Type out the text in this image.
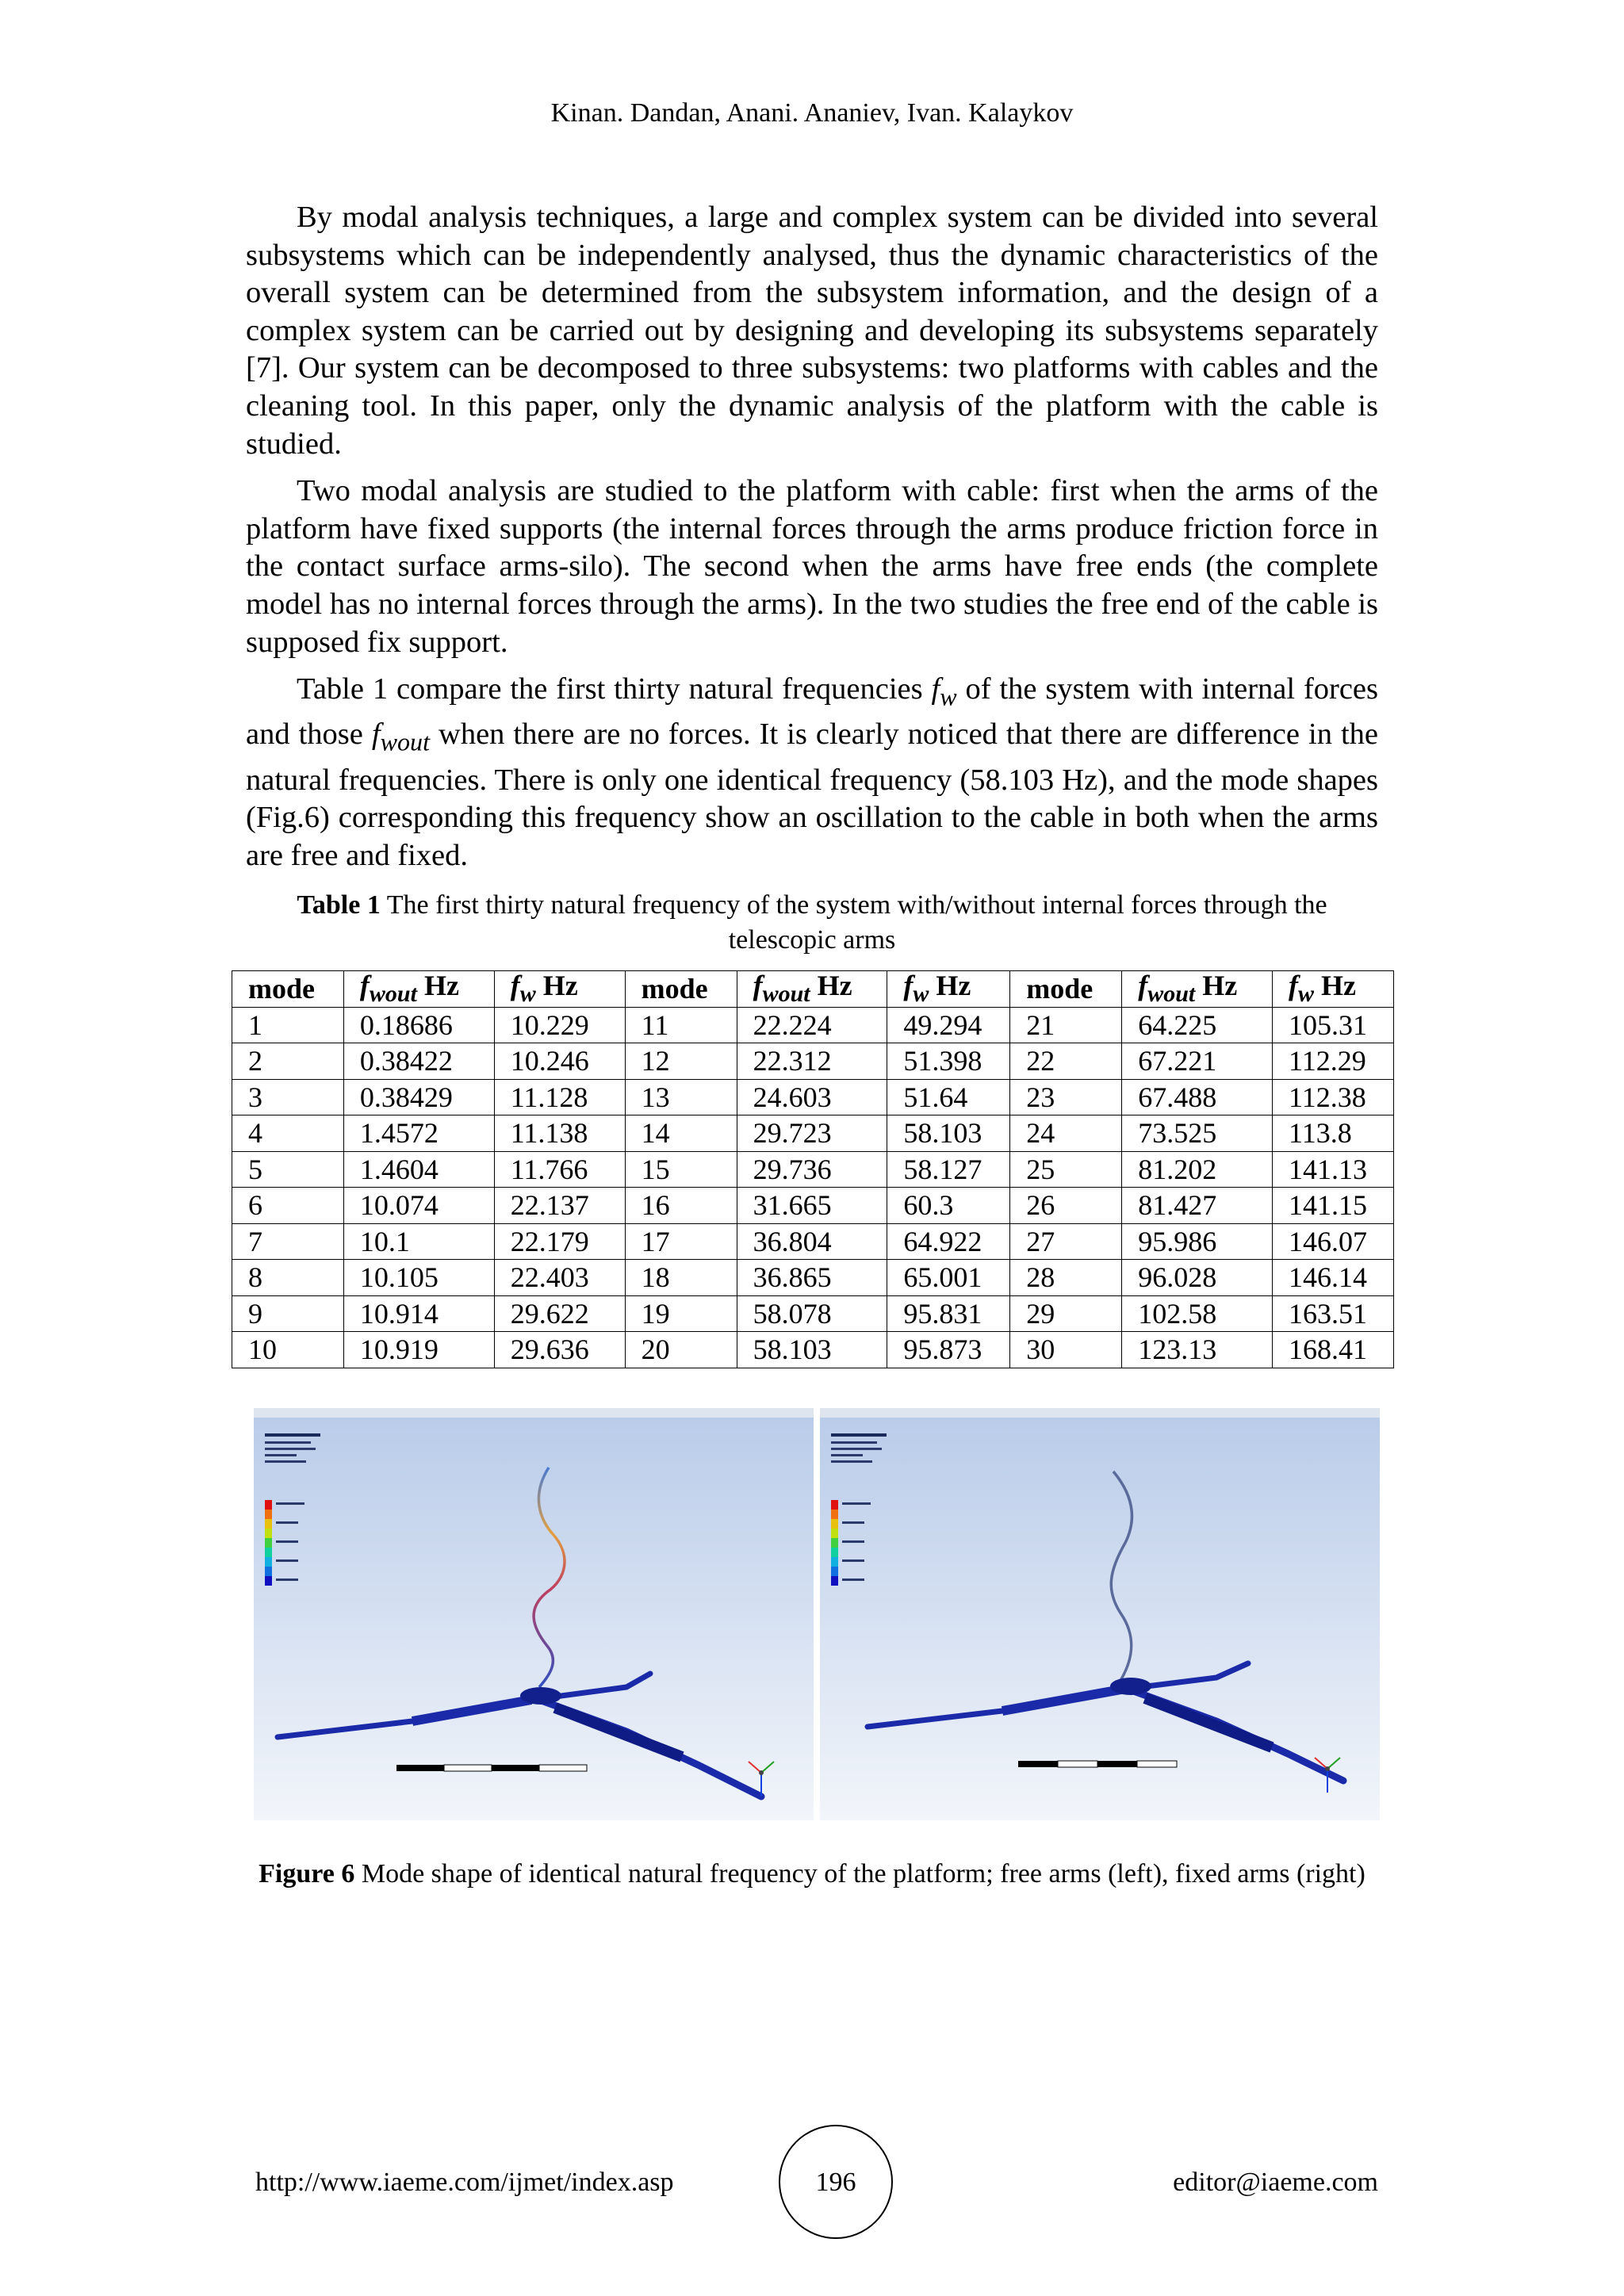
Kinan. Dandan, Anani. Ananiev, Ivan. Kalaykov

By modal analysis techniques, a large and complex system can be divided into several subsystems which can be independently analysed, thus the dynamic characteristics of the overall system can be determined from the subsystem information, and the design of a complex system can be carried out by designing and developing its subsystems separately [7]. Our system can be decomposed to three subsystems: two platforms with cables and the cleaning tool. In this paper, only the dynamic analysis of the platform with the cable is studied.

Two modal analysis are studied to the platform with cable: first when the arms of the platform have fixed supports (the internal forces through the arms produce friction force in the contact surface arms-silo). The second when the arms have free ends (the complete model has no internal forces through the arms). In the two studies the free end of the cable is supposed fix support.

Table 1 compare the first thirty natural frequencies $f_w$ of the system with internal forces and those $f_{wout}$ when there are no forces. It is clearly noticed that there are difference in the natural frequencies. There is only one identical frequency (58.103 Hz), and the mode shapes (Fig.6) corresponding this frequency show an oscillation to the cable in both when the arms are free and fixed.

Table 1 The first thirty natural frequency of the system with/without internal forces through the telescopic arms
mode	$f_{wout}$ Hz	$f_w$ Hz	mode	$f_{wout}$ Hz	$f_w$ Hz	mode	$f_{wout}$ Hz	$f_w$ Hz
1	0.18686	10.229	11	22.224	49.294	21	64.225	105.31
2	0.38422	10.246	12	22.312	51.398	22	67.221	112.29
3	0.38429	11.128	13	24.603	51.64	23	67.488	112.38
4	1.4572	11.138	14	29.723	58.103	24	73.525	113.8
5	1.4604	11.766	15	29.736	58.127	25	81.202	141.13
6	10.074	22.137	16	31.665	60.3	26	81.427	141.15
7	10.1	22.179	17	36.804	64.922	27	95.986	146.07
8	10.105	22.403	18	36.865	65.001	28	96.028	146.14
9	10.914	29.622	19	58.078	95.831	29	102.58	163.51
10	10.919	29.636	20	58.103	95.873	30	123.13	168.41
Figure 6 Mode shape of identical natural frequency of the platform; free arms (left), fixed arms (right)
http://www.iaeme.com/ijmet/index.asp	196	editor@iaeme.com
